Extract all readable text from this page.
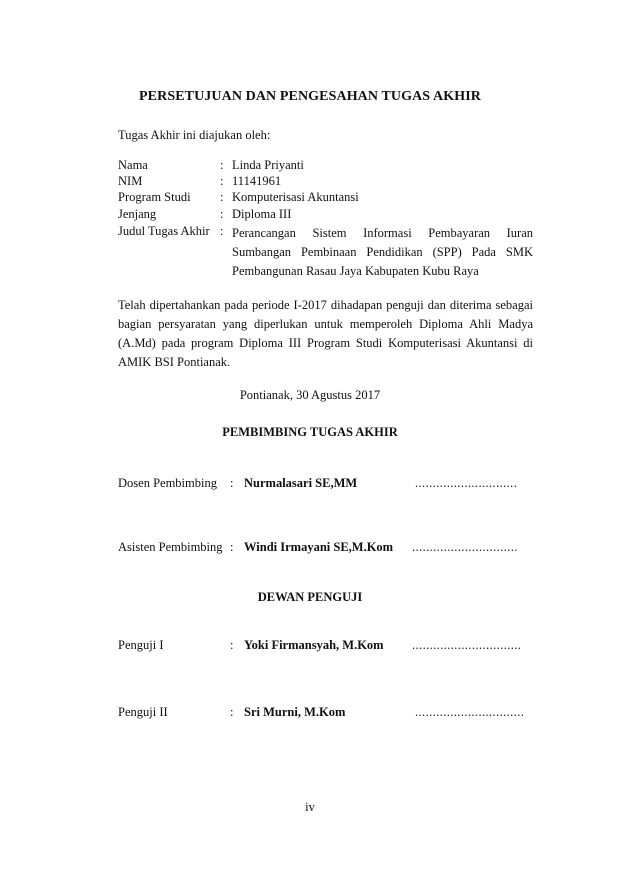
PERSETUJUAN DAN PENGESAHAN TUGAS AKHIR
Tugas Akhir ini diajukan oleh:
Nama	: Linda Priyanti
NIM	: 11141961
Program Studi : Komputerisasi Akuntansi
Jenjang	: Diploma III
Judul Tugas Akhir : Perancangan Sistem Informasi Pembayaran Iuran Sumbangan Pembinaan Pendidikan (SPP) Pada SMK Pembangunan Rasau Jaya Kabupaten Kubu Raya
Telah dipertahankan pada periode I-2017 dihadapan penguji dan diterima sebagai bagian persyaratan yang diperlukan untuk memperoleh Diploma Ahli Madya (A.Md) pada program Diploma III Program Studi Komputerisasi Akuntansi di AMIK BSI Pontianak.
Pontianak, 30 Agustus 2017
PEMBIMBING TUGAS AKHIR
Dosen Pembimbing : Nurmalasari SE,MM	.............................
Asisten Pembimbing : Windi Irmayani SE,M.Kom ..............................
DEWAN PENGUJI
Penguji I	: Yoki Firmansyah, M.Kom ...............................
Penguji II	: Sri Murni, M.Kom	...............................
iv
